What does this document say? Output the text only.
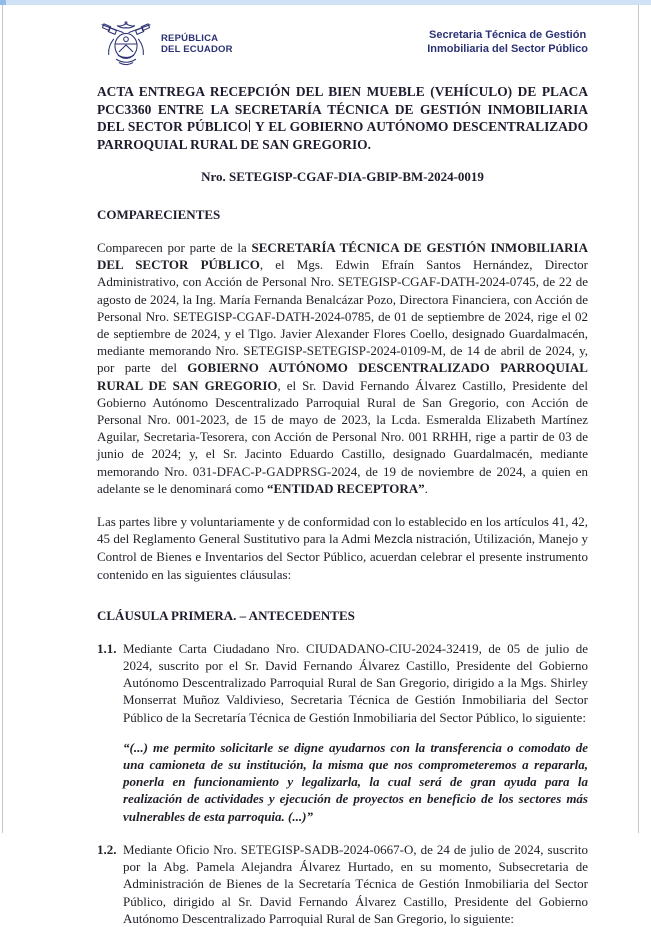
REPÚBLICA
DEL ECUADOR
Secretaria Técnica de Gestión
Inmobiliaria del Sector Público
ACTA ENTREGA RECEPCIÓN DEL BIEN MUEBLE (VEHÍCULO) DE PLACA PCC3360 ENTRE LA SECRETARÍA TÉCNICA DE GESTIÓN INMOBILIARIA DEL SECTOR PÚBLICO Y EL GOBIERNO AUTÓNOMO DESCENTRALIZADO PARROQUIAL RURAL DE SAN GREGORIO.

Nro. SETEGISP-CGAF-DIA-GBIP-BM-2024-0019

COMPARECIENTES

Comparecen por parte de la SECRETARÍA TÉCNICA DE GESTIÓN INMOBILIARIA DEL SECTOR PÚBLICO, el Mgs. Edwin Efraín Santos Hernández, Director Administrativo, con Acción de Personal Nro. SETEGISP-CGAF-DATH-2024-0745, de 22 de agosto de 2024, la Ing. María Fernanda Benalcázar Pozo, Directora Financiera, con Acción de Personal Nro. SETEGISP-CGAF-DATH-2024-0785, de 01 de septiembre de 2024, rige el 02 de septiembre de 2024, y el Tlgo. Javier Alexander Flores Coello, designado Guardalmacén, mediante memorando Nro. SETEGISP-SETEGISP-2024-0109-M, de 14 de abril de 2024, y, por parte del GOBIERNO AUTÓNOMO DESCENTRALIZADO PARROQUIAL RURAL DE SAN GREGORIO, el Sr. David Fernando Álvarez Castillo, Presidente del Gobierno Autónomo Descentralizado Parroquial Rural de San Gregorio, con Acción de Personal Nro. 001-2023, de 15 de mayo de 2023, la Lcda. Esmeralda Elizabeth Martínez Aguilar, Secretaria-Tesorera, con Acción de Personal Nro. 001 RRHH, rige a partir de 03 de junio de 2024; y, el Sr. Jacinto Eduardo Castillo, designado Guardalmacén, mediante memorando Nro. 031-DFAC-P-GADPRSG-2024, de 19 de noviembre de 2024, a quien en adelante se le denominará como “ENTIDAD RECEPTORA”.

Las partes libre y voluntariamente y de conformidad con lo establecido en los artículos 41, 42, 45 del Reglamento General Sustitutivo para la Admi Mezcla nistración, Utilización, Manejo y Control de Bienes e Inventarios del Sector Público, acuerdan celebrar el presente instrumento contenido en las siguientes cláusulas:

CLÁUSULA PRIMERA. – ANTECEDENTES
1.1. Mediante Carta Ciudadano Nro. CIUDADANO-CIU-2024-32419, de 05 de julio de 2024, suscrito por el Sr. David Fernando Álvarez Castillo, Presidente del Gobierno Autónomo Descentralizado Parroquial Rural de San Gregorio, dirigido a la Mgs. Shirley Monserrat Muñoz Valdivieso, Secretaria Técnica de Gestión Inmobiliaria del Sector Público de la Secretaría Técnica de Gestión Inmobiliaria del Sector Público, lo siguiente:

“(...) me permito solicitarle se digne ayudarnos con la transferencia o comodato de una camioneta de su institución, la misma que nos comprometeremos a repararla, ponerla en funcionamiento y legalizarla, la cual será de gran ayuda para la realización de actividades y ejecución de proyectos en beneficio de los sectores más vulnerables de esta parroquia. (...)”

1.2. Mediante Oficio Nro. SETEGISP-SADB-2024-0667-O, de 24 de julio de 2024, suscrito por la Abg. Pamela Alejandra Álvarez Hurtado, en su momento, Subsecretaria de Administración de Bienes de la Secretaría Técnica de Gestión Inmobiliaria del Sector Público, dirigido al Sr. David Fernando Álvarez Castillo, Presidente del Gobierno Autónomo Descentralizado Parroquial Rural de San Gregorio, lo siguiente:
